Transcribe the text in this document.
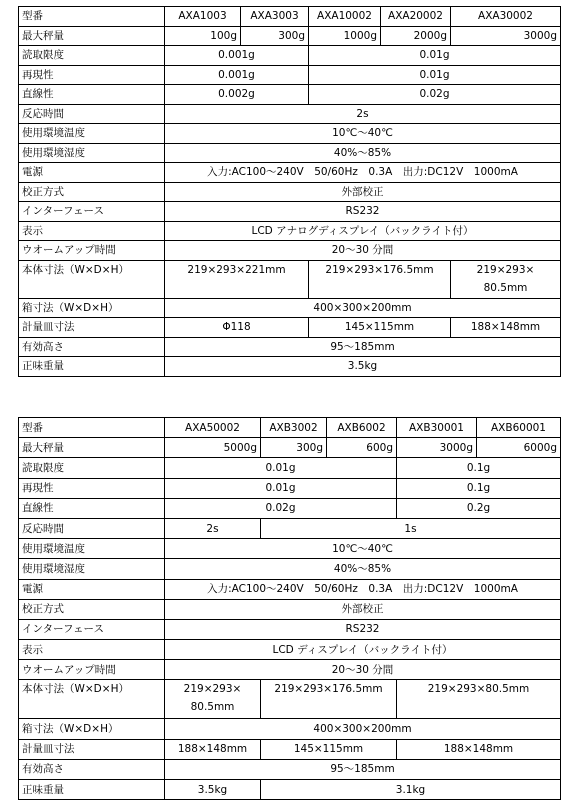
型番	AXA1003	AXA3003	AXA10002	AXA20002	AXA30002
最大秤量	100g	300g	1000g	2000g	3000g
読取限度	0.001g		0.01g		
再現性	0.001g		0.01g		
直線性	0.002g		0.02g		
反応時間	2s				
使用環境温度	10℃～40℃				
使用環境湿度	40%～85%				
電源	入力:AC100～240V　50/60Hz　0.3A　出力:DC12V　1000mA				
校正方式	外部校正				
インターフェース	RS232				
表示	LCD アナログディスプレイ（バックライト付）				
ウオームアップ時間	20～30 分間				
本体寸法（W×D×H）	219×293×221mm		219×293×176.5mm		219×293×
80.5mm

箱寸法（W×D×H）	400×300×200mm				
計量皿寸法	Φ118		145×115mm		188×148mm
有効高さ	95～185mm				
正味重量	3.5kg				
型番	AXA50002	AXB3002	AXB6002	AXB30001	AXB60001
最大秤量	5000g	300g	600g	3000g	6000g
読取限度	0.01g			0.1g	
再現性	0.01g			0.1g	
直線性	0.02g			0.2g	
反応時間	2s	1s			
使用環境温度	10℃～40℃				
使用環境湿度	40%～85%				
電源	入力:AC100～240V　50/60Hz　0.3A　出力:DC12V　1000mA				
校正方式	外部校正				
インターフェース	RS232				
表示	LCD ディスプレイ（バックライト付）				
ウオームアップ時間	20～30 分間				
本体寸法（W×D×H）	219×293×
80.5mm	219×293×176.5mm		219×293×80.5mm	
箱寸法（W×D×H）	400×300×200mm				
計量皿寸法	188×148mm	145×115mm		188×148mm	
有効高さ	95～185mm				
正味重量	3.5kg	3.1kg			
